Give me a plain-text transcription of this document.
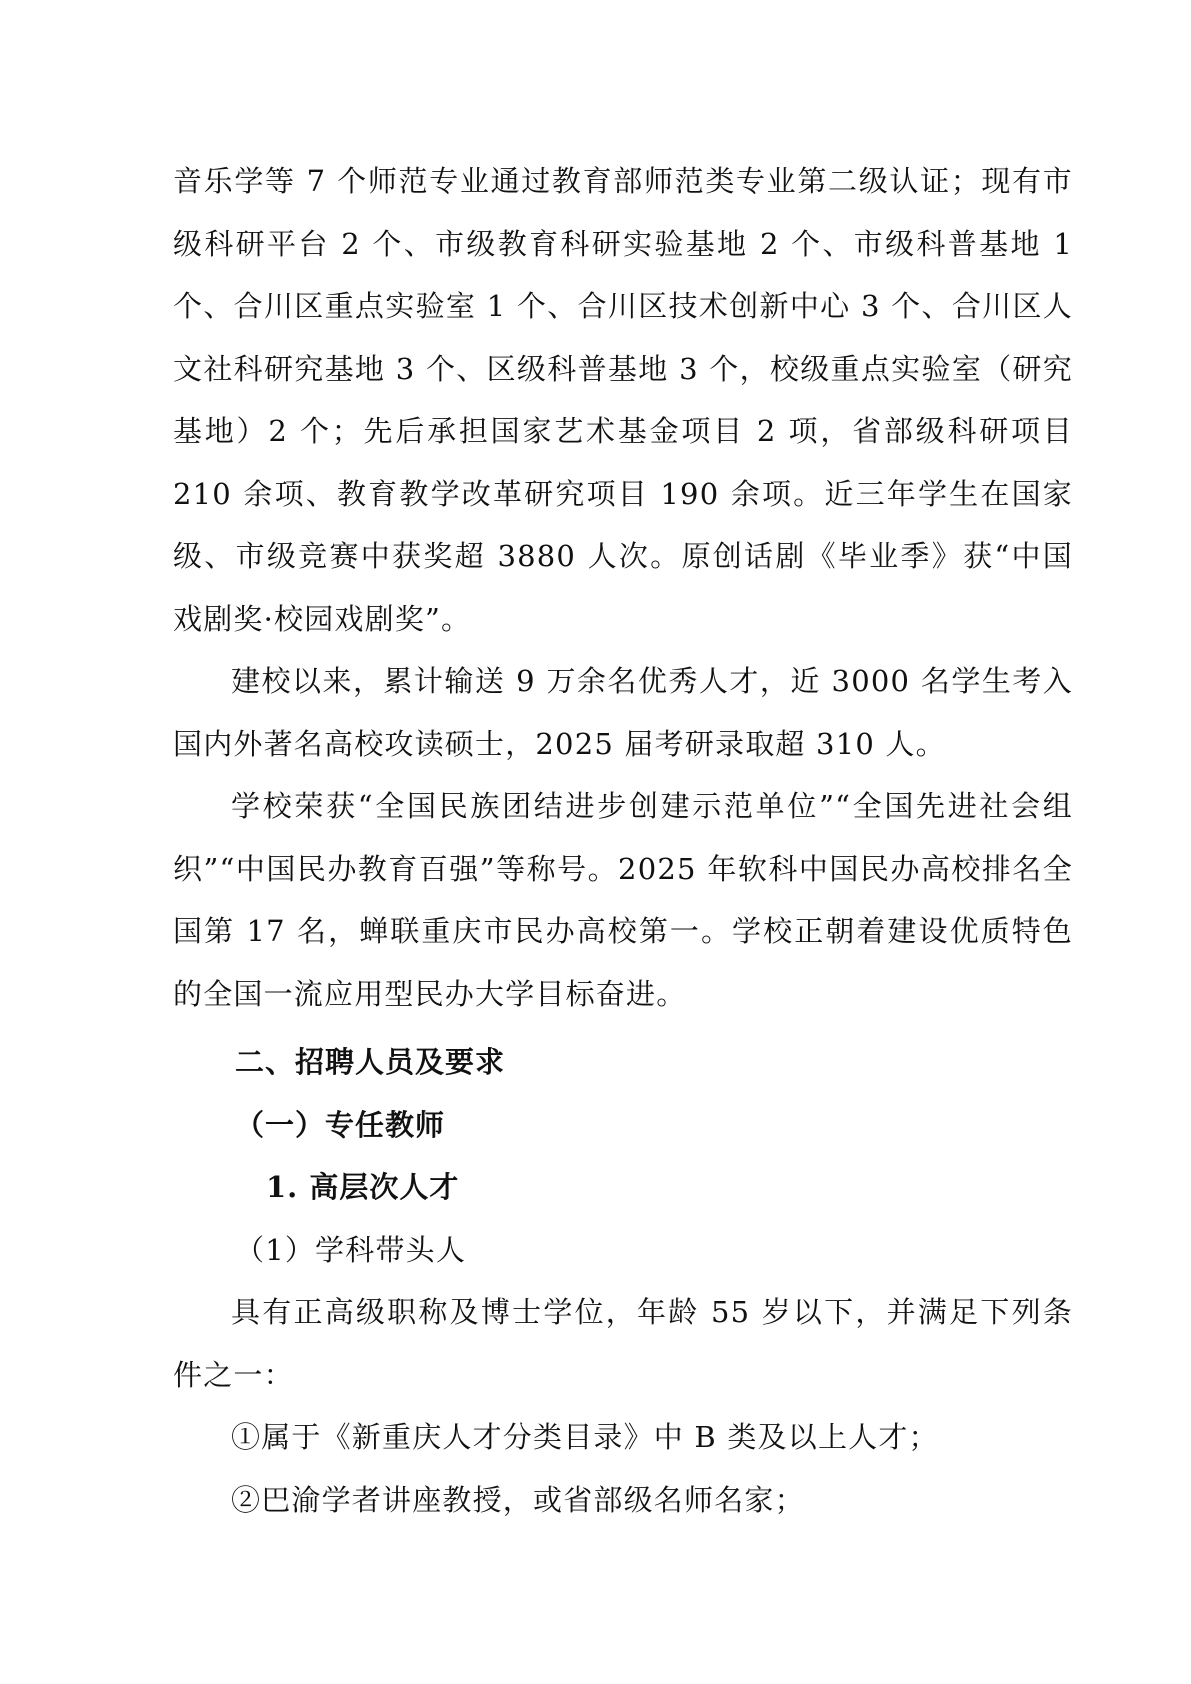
音乐学等 7 个师范专业通过教育部师范类专业第二级认证；现有市级科研平台 2 个、市级教育科研实验基地 2 个、市级科普基地 1 个、合川区重点实验室 1 个、合川区技术创新中心 3 个、合川区人文社科研究基地 3 个、区级科普基地 3 个，校级重点实验室（研究基地）2 个；先后承担国家艺术基金项目 2 项，省部级科研项目 210 余项、教育教学改革研究项目 190 余项。近三年学生在国家级、市级竞赛中获奖超 3880 人次。原创话剧《毕业季》获“中国戏剧奖·校园戏剧奖”。

建校以来，累计输送 9 万余名优秀人才，近 3000 名学生考入国内外著名高校攻读硕士，2025 届考研录取超 310 人。

学校荣获“全国民族团结进步创建示范单位”“全国先进社会组织”“中国民办教育百强”等称号。2025 年软科中国民办高校排名全国第 17 名，蝉联重庆市民办高校第一。学校正朝着建设优质特色的全国一流应用型民办大学目标奋进。

二、招聘人员及要求
（一）专任教师
1. 高层次人才

（1）学科带头人

具有正高级职称及博士学位，年龄 55 岁以下，并满足下列条件之一：

①属于《新重庆人才分类目录》中 B 类及以上人才；

②巴渝学者讲座教授，或省部级名师名家；
